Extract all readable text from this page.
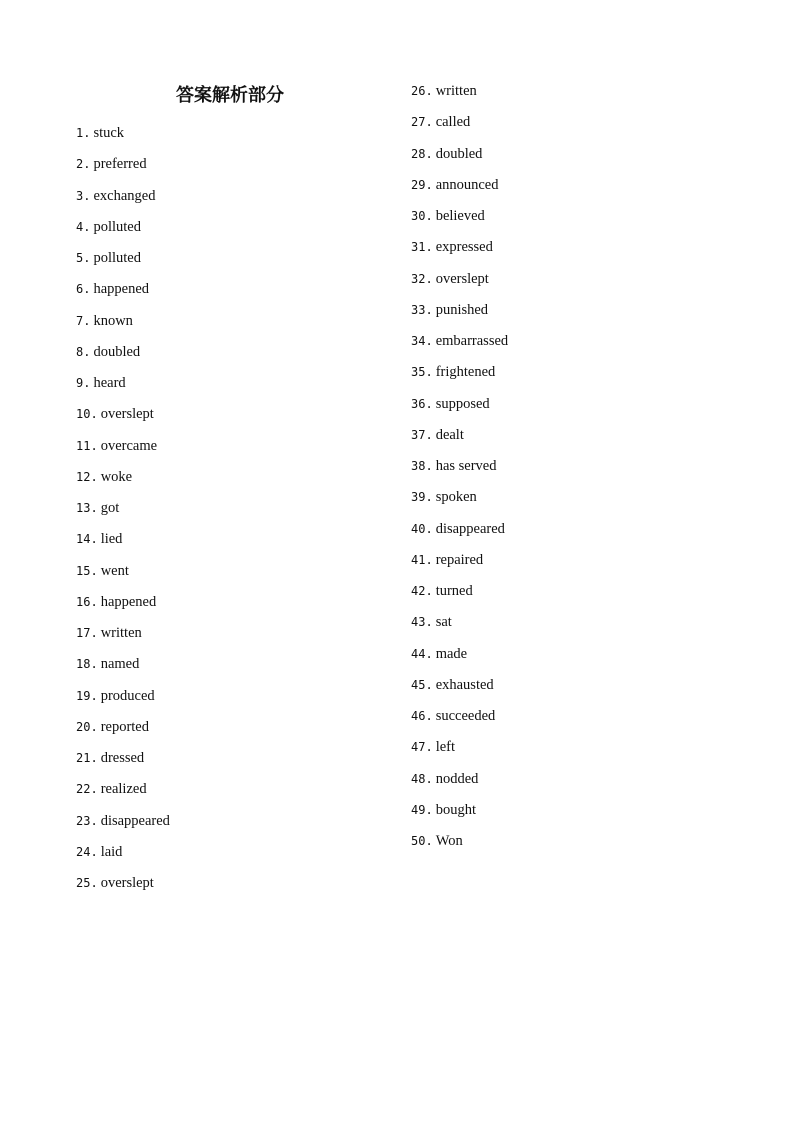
答案解析部分
1. stuck
2. preferred
3. exchanged
4. polluted
5. polluted
6. happened
7. known
8. doubled
9. heard
10. overslept
11. overcame
12. woke
13. got
14. lied
15. went
16. happened
17. written
18. named
19. produced
20. reported
21. dressed
22. realized
23. disappeared
24. laid
25. overslept
26. written
27. called
28. doubled
29. announced
30. believed
31. expressed
32. overslept
33. punished
34. embarrassed
35. frightened
36. supposed
37. dealt
38. has served
39. spoken
40. disappeared
41. repaired
42. turned
43. sat
44. made
45. exhausted
46. succeeded
47. left
48. nodded
49. bought
50. Won
